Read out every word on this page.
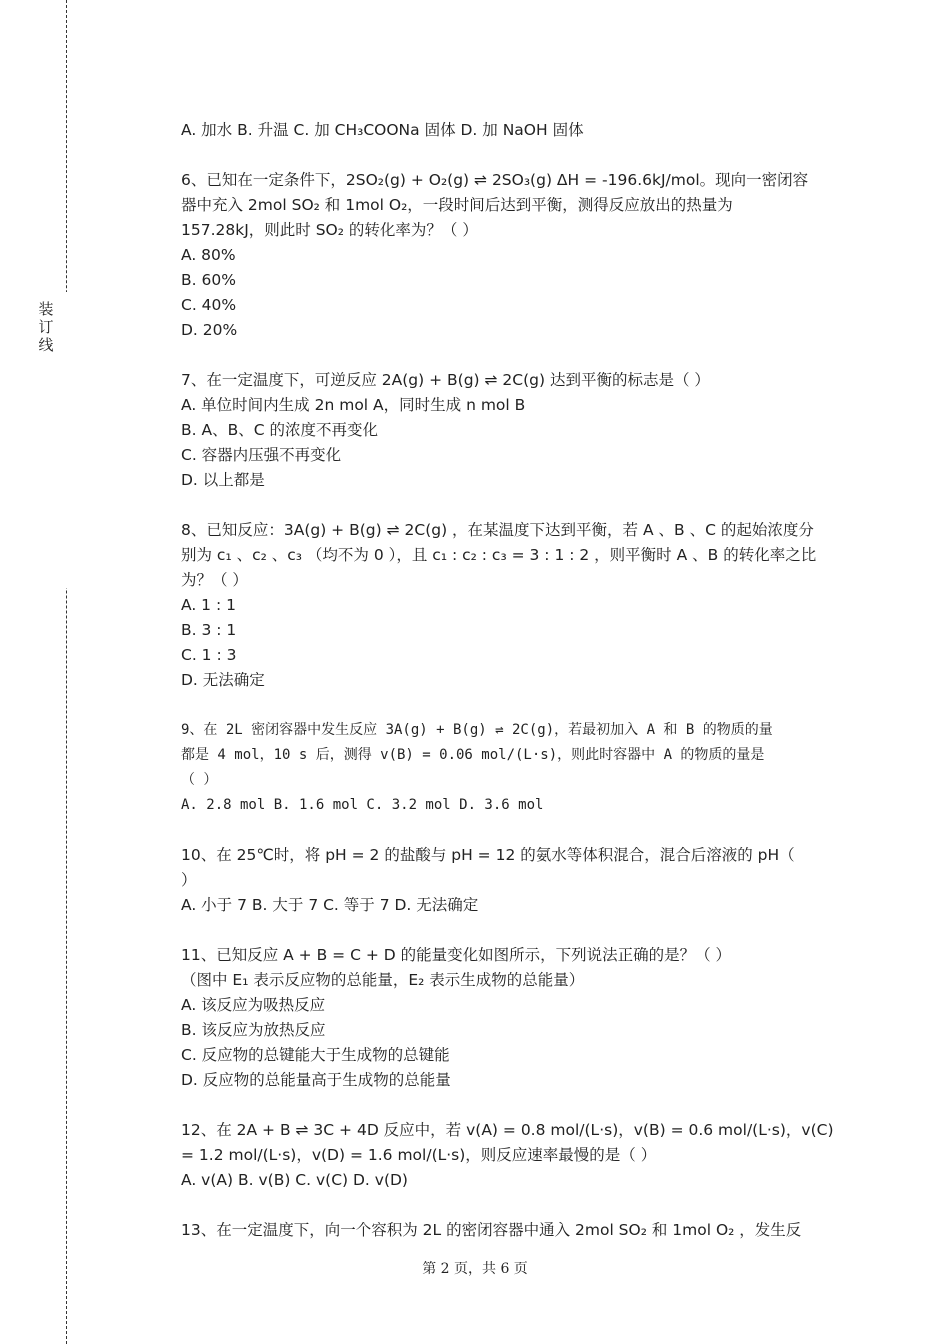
装
订
线
A. 加水 B. 升温 C. 加 CH₃COONa 固体 D. 加 NaOH 固体
6、已知在一定条件下，2SO₂(g) + O₂(g) ⇌ 2SO₃(g) ΔH = -196.6kJ/mol。现向一密闭容
器中充入 2mol SO₂ 和 1mol O₂，一段时间后达到平衡，测得反应放出的热量为
157.28kJ，则此时 SO₂ 的转化率为？（ ）
A. 80%
B. 60%
C. 40%
D. 20%
7、在一定温度下，可逆反应 2A(g) + B(g) ⇌ 2C(g) 达到平衡的标志是（ ）
A. 单位时间内生成 2n mol A，同时生成 n mol B
B. A、B、C 的浓度不再变化
C. 容器内压强不再变化
D. 以上都是
8、已知反应：3A(g) + B(g) ⇌ 2C(g) ，在某温度下达到平衡，若 A 、B 、C 的起始浓度分
别为 c₁ 、c₂ 、c₃ （均不为 0 ），且 c₁ : c₂ : c₃ = 3 : 1 : 2 ，则平衡时 A 、B 的转化率之比
为？（ ）
A. 1 : 1
B. 3 : 1
C. 1 : 3
D. 无法确定
9、在 2L 密闭容器中发生反应 3A(g) + B(g) ⇌ 2C(g)，若最初加入 A 和 B 的物质的量
都是 4 mol，10 s 后，测得 v(B) = 0.06 mol/(L·s)，则此时容器中 A 的物质的量是
（ ）
A. 2.8 mol B. 1.6 mol C. 3.2 mol D. 3.6 mol
10、在 25℃时，将 pH = 2 的盐酸与 pH = 12 的氨水等体积混合，混合后溶液的 pH（
）
A. 小于 7 B. 大于 7 C. 等于 7 D. 无法确定
11、已知反应 A + B = C + D 的能量变化如图所示，下列说法正确的是？（ ）
（图中 E₁ 表示反应物的总能量，E₂ 表示生成物的总能量）
A. 该反应为吸热反应
B. 该反应为放热反应
C. 反应物的总键能大于生成物的总键能
D. 反应物的总能量高于生成物的总能量
12、在 2A + B ⇌ 3C + 4D 反应中，若 v(A) = 0.8 mol/(L·s)，v(B) = 0.6 mol/(L·s)，v(C)
= 1.2 mol/(L·s)，v(D) = 1.6 mol/(L·s)，则反应速率最慢的是（ ）
A. v(A) B. v(B) C. v(C) D. v(D)
13、在一定温度下，向一个容积为 2L 的密闭容器中通入 2mol SO₂ 和 1mol O₂ ，发生反
第 2 页，共 6 页
